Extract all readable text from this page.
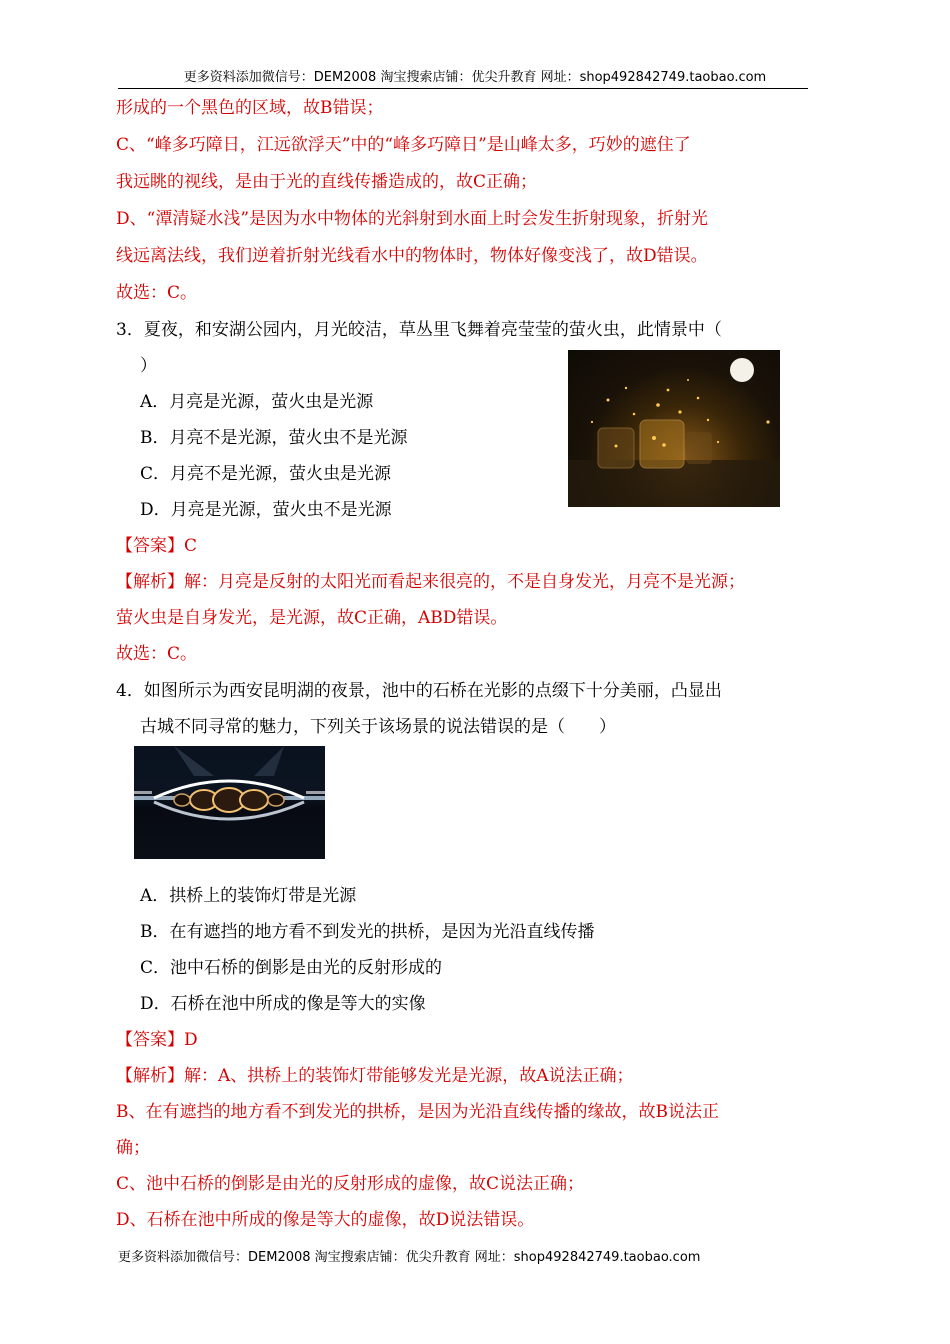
更多资料添加微信号：DEM2008 淘宝搜索店铺：优尖升教育 网址：shop492842749.taobao.com
形成的一个黑色的区域，故B错误；
C、“峰多巧障日，江远欲浮天”中的“峰多巧障日”是山峰太多，巧妙的遮住了
我远眺的视线，是由于光的直线传播造成的，故C正确；
D、“潭清疑水浅”是因为水中物体的光斜射到水面上时会发生折射现象，折射光
线远离法线，我们逆着折射光线看水中的物体时，物体好像变浅了，故D错误。
故选：C。
3．夏夜，和安湖公园内，月光皎洁，草丛里飞舞着亮莹莹的萤火虫，此情景中（
）
A．月亮是光源，萤火虫是光源
B．月亮不是光源，萤火虫不是光源
C．月亮不是光源，萤火虫是光源
D．月亮是光源，萤火虫不是光源
【答案】C
【解析】解：月亮是反射的太阳光而看起来很亮的，不是自身发光，月亮不是光源；
萤火虫是自身发光，是光源，故C正确，ABD错误。
故选：C。
4．如图所示为西安昆明湖的夜景，池中的石桥在光影的点缀下十分美丽，凸显出
古城不同寻常的魅力，下列关于该场景的说法错误的是（　　）
A．拱桥上的装饰灯带是光源
B．在有遮挡的地方看不到发光的拱桥，是因为光沿直线传播
C．池中石桥的倒影是由光的反射形成的
D．石桥在池中所成的像是等大的实像
【答案】D
【解析】解：A、拱桥上的装饰灯带能够发光是光源，故A说法正确；
B、在有遮挡的地方看不到发光的拱桥，是因为光沿直线传播的缘故，故B说法正
确；
C、池中石桥的倒影是由光的反射形成的虚像，故C说法正确；
D、石桥在池中所成的像是等大的虚像，故D说法错误。
更多资料添加微信号：DEM2008 淘宝搜索店铺：优尖升教育 网址：shop492842749.taobao.com
